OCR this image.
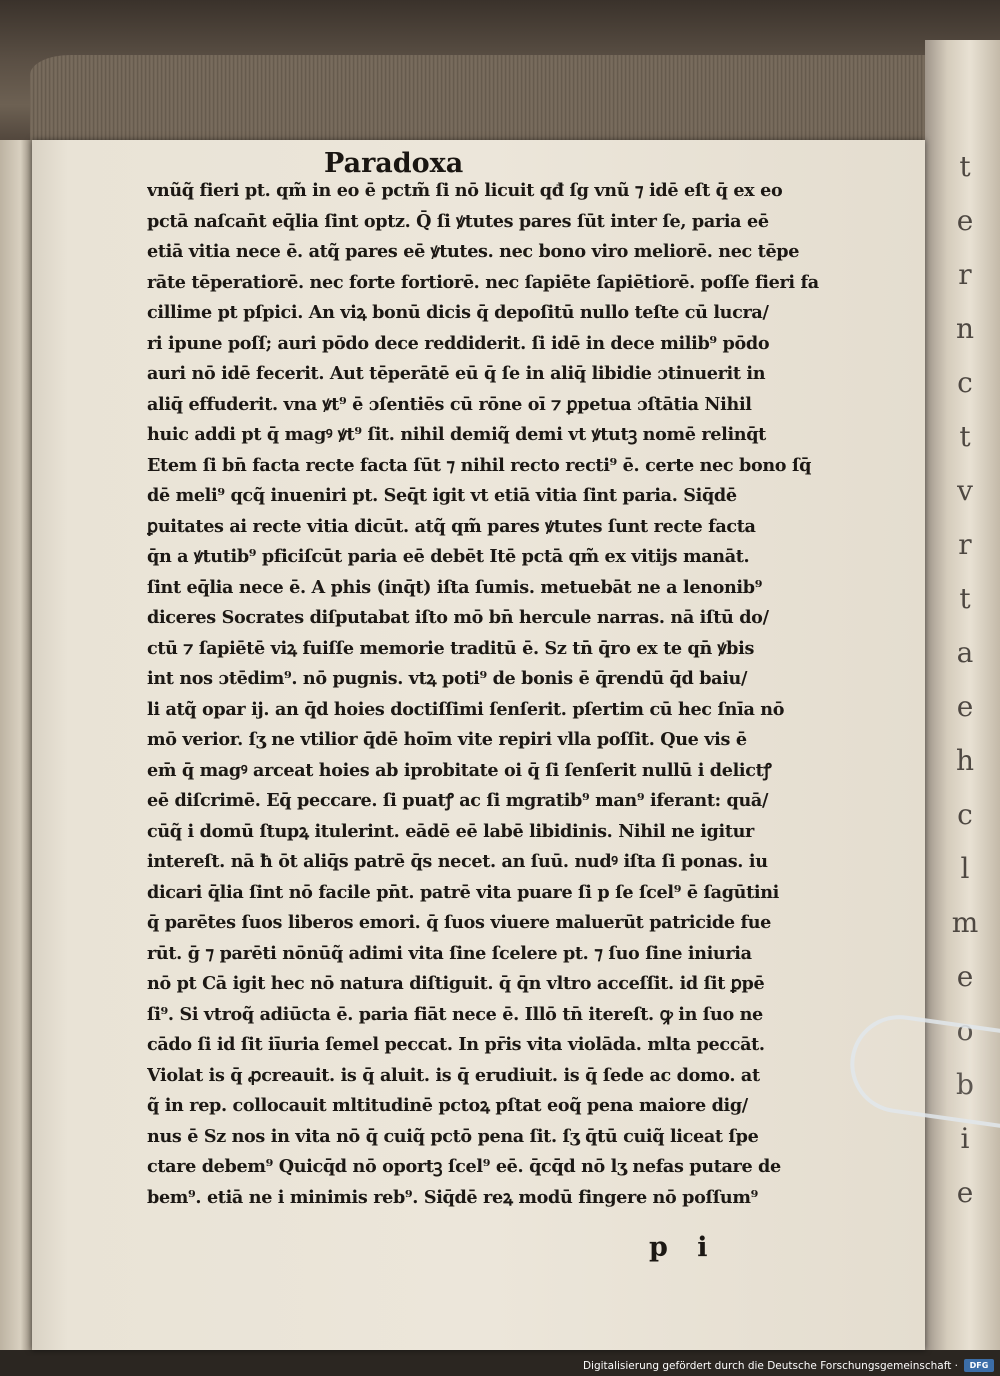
t
e
r
n
c
t
v
r
t
a
e
h
c
l
m
e
o
b
i
e
Paradoxa
vnũq̃ fieri pt. qm̃ in eo ē pctm̃ ſi nō licuit qđ ſg vnũ ⁊ idē eſt q̄ ex eo
pctā naſcan̄t eq̄lia ſint optz. Q̄ ſi ꝟtutes pares ſūt inter ſe, paria eē
etiā vitia nece ē. atq̃ pares eē ꝟtutes. nec bono viro meliorē. nec tēpe
rāte tēperatiorē. nec forte fortiorē. nec ſapiēte ſapiētiorē. poſſe fieri fa
cillime pt pſpici. An viꝝ bonū dicis q̄ depoſitū nullo teſte cū lucra/
ri ipune poſſ; auri pōdo dece reddiderit. ſi idē in dece milib⁹ pōdo
auri nō idē fecerit. Aut tēperātē eū q̄ ſe in aliq̄ libidie ɔtinuerit in
aliq̄ effuderit. vna ꝟt⁹ ē ɔſentiēs cū rōne oī ⁊ ꝑpetua ɔſtātia Nihil
huic addi pt q̄ magꝰ ꝟt⁹ ſit. nihil demiq̃ demi vt ꝟtutꝫ nomē relinq̄t
Etem ſi bn̄ facta recte facta ſūt ⁊ nihil recto recti⁹ ē. certe nec bono ſq̄
dē meli⁹ qcq̃ inueniri pt. Seq̄t igit vt etiā vitia ſint paria. Siq̄dē
ꝑuitates ai recte vitia dicūt. atq̃ qm̃ pares ꝟtutes ſunt recte facta
q̄n a ꝟtutib⁹ pficiſcūt paria eē debēt Itē pctā qm̃ ex vitijs manāt.
ſint eq̄lia nece ē. A phis (inq̄t) iſta ſumis. metuebāt ne a lenonib⁹
diceres Socrates diſputabat iſto mō bn̄ hercule narras. nā iſtū do/
ctū ⁊ ſapiētē viꝝ fuiſſe memorie traditū ē. Sz tn̄ q̄ro ex te qn̄ ꝟbis
int nos ɔtēdim⁹. nō pugnis. vtꝝ poti⁹ de bonis ē q̄rendū q̄d baiu/
li atq̃ opar ij. an q̄d hoies doctiſſimi ſenſerit. pſertim cū hec ſnīa nō
mō verior. ſʒ ne vtilior q̄dē hoīm vite repiri vlla poſſit. Que vis ē
em̄ q̄ magꝰ arceat hoies ab iprobitate oi q̄ ſi ſenſerit nullū i delictꝭ
eē diſcrimē. Eq̄ peccare. ſi puatꝭ ac ſi mgratib⁹ man⁹ iferant: quā/
cūq̃ i domū ſtupꝝ itulerint. eādē eē labē libidinis. Nihil ne igitur
intereſt. nā ħ ōt aliq̄s patrē q̄s necet. an ſuū. nudꝰ iſta ſi ponas. iu
dicari q̄lia ſint nō facile pn̄t. patrē vita puare ſi p ſe ſcel⁹ ē ſagūtini
q̄ parētes ſuos liberos emori. q̄ ſuos viuere maluerūt patricide fue
rūt. ḡ ⁊ parēti nōnūq̃ adimi vita ſine ſcelere pt. ⁊ ſuo ſine iniuria
nō pt Cā igit hec nō natura diſtiguit. q̄ q̄n vltro acceſſit. id ſit ꝑpē
ſi⁹. Si vtroq̃ adiūcta ē. paria fiāt nece ē. Illō tn̄ itereſt. ꝙ in ſuo ne
cādo ſi id ſit iīuria ſemel peccat. In pr̄is vita violāda. mlta peccāt.
Violat is q̄ ꝓcreauit. is q̄ aluit. is q̄ erudiuit. is q̄ ſede ac domo. at
q̃ in rep. collocauit mltitudinē pctoꝝ pſtat eoq̃ pena maiore dig/
nus ē Sz nos in vita nō q̄ cuiq̃ pctō pena ſit. ſʒ q̄tū cuiq̃ liceat ſpe
ctare debem⁹ Quicq̄d nō oportꝫ ſcel⁹ eē. q̄cq̄d nō lʒ nefas putare de
bem⁹. etiā ne i minimis reb⁹. Siq̄dē reꝝ modū fingere nō poſſum⁹
p i
Digitalisierung gefördert durch die Deutsche Forschungsgemeinschaft ·	DFG
